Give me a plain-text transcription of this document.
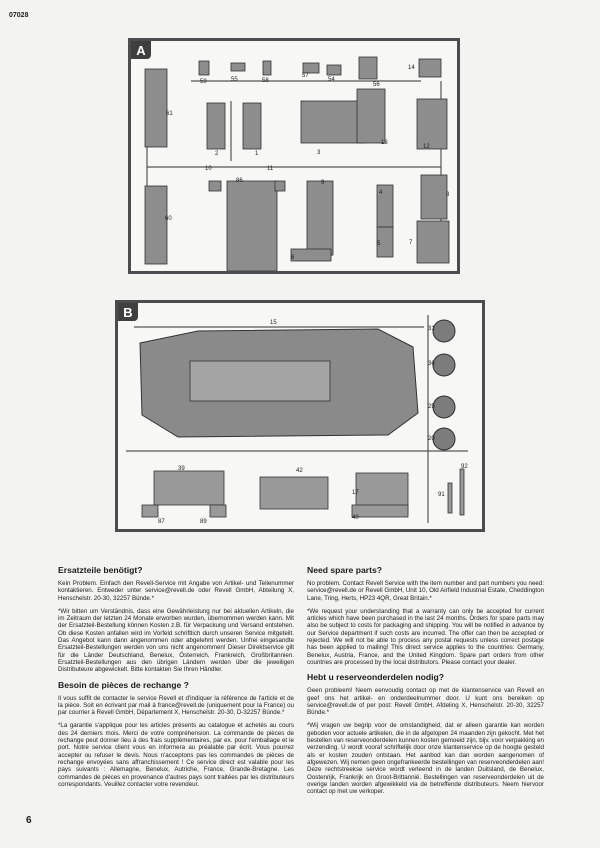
07028
A
59	55	58
57
54
56
14
61
2	1	3
13
12
10
86
11
9
4	8
60
5
6
7
B
15
31
36
25
20
39	42
17
40
91
92
87	89
Ersatzteile benötigt?

Kein Problem. Einfach den Revell-Service mit Angabe von Artikel- und Teilenummer kontaktieren. Entweder unter service@revell.de oder Revell GmbH, Abteilung X, Henschelstr. 20-30, 32257 Bünde.*

*Wir bitten um Verständnis, dass eine Gewährleistung nur bei aktuellen Artikeln, die im Zeitraum der letzten 24 Monate erworben wurden, übernommen werden kann. Mit der Ersatzteil-Bestellung können Kosten z.B. für Verpackung und Versand entstehen. Ob diese Kosten anfallen wird im Vorfeld schriftlich durch unseren Service mitgeteilt. Das Angebot kann dann angenommen oder abgelehnt werden. Unfrei eingesandte Ersatzteil-Bestellungen werden von uns nicht angenommen! Dieser Direktservice gilt für die Länder Deutschland, Benelux, Österreich, Frankreich, Großbritannien. Ersatzteil-Bestellungen aus den übrigen Ländern werden über die jeweiligen Distributeure abgewickelt. Bitte kontakten Sie Ihren Händler.

Besoin de pièces de rechange ?

Il vous suffit de contacter le service Revell et d'indiquer la référence de l'article et de la pièce. Soit en écrivant par mail à france@revell.de (uniquement pour la France) ou par courrier à Revell GmbH, Département X, Henschelstr. 20-30, D-32257 Bünde.*

*La garantie s'applique pour les articles présents au catalogue et achetés au cours des 24 derniers mois. Merci de votre compréhension. La commande de pièces de rechange peut donner lieu à des frais supplémentaires, par ex. pour l'emballage et le port. Notre service client vous en informera au préalable par écrit. Vous pourrez accepter ou refuser le devis. Nous n'acceptons pas les commandes de pièces de rechange envoyées sans affranchissement ! Ce service direct est valable pour les pays suivants : Allemagne, Benelux, Autriche, France, Grande-Bretagne. Les commandes de pièces en provenance d'autres pays sont traitées par les distributeurs correspondants. Veuillez contacter votre revendeur.

Need spare parts?

No problem. Contact Revell Service with the item number and part numbers you need: service@revell.de or Revell GmbH, Unit 10, Old Airfield Industrial Estate, Cheddington Lane, Tring, Herts, HP23 4QR, Great Britain.*

*We request your understanding that a warranty can only be accepted for current articles which have been purchased in the last 24 months. Orders for spare parts may also be subject to costs for packaging and shipping. You will be notified in advance by our Service department if such costs are incurred. The offer can then be accepted or rejected. We will not be able to process any postal requests unless correct postage has been applied to mailing! This direct service applies to the countries: Germany, Benelux, Austria, France, and the United Kingdom. Spare part orders from other countries are processed by the local distributors. Please contact your dealer.

Hebt u reserveonderdelen nodig?

Geen probleem! Neem eenvoudig contact op met de klantenservice van Revell en geef ons het artikel- en onderdeelnummer door. U kunt ons bereiken op service@revell.de of per post: Revell GmbH, Afdeling X, Henschelstr. 20-30, 32257 Bünde.*

*Wij vragen uw begrip voor de omstandigheid, dat er alleen garantie kan worden geboden voor actuele artikelen, die in de afgelopen 24 maanden zijn gekocht. Met het bestellen van reserveonderdelen kunnen kosten gemoeid zijn, bijv. voor verpakking en verzending. U wordt vooraf schriftelijk door onze klantenservice op de hoogte gesteld als er kosten zouden ontstaan. Het aanbod kan dan worden aangenomen of afgewezen. Wij nemen geen ongefrankeerde bestellingen van reserveonderdelen aan! Deze rechtstreekse service wordt verleend in de landen Duitsland, de Benelux, Oostenrijk, Frankrijk en Groot-Brittannië. Bestellingen van reserveonderdelen uit de overige landen worden afgewikkeld via de betreffende distributeurs. Neem hiervoor contact op met uw verkoper.

6
